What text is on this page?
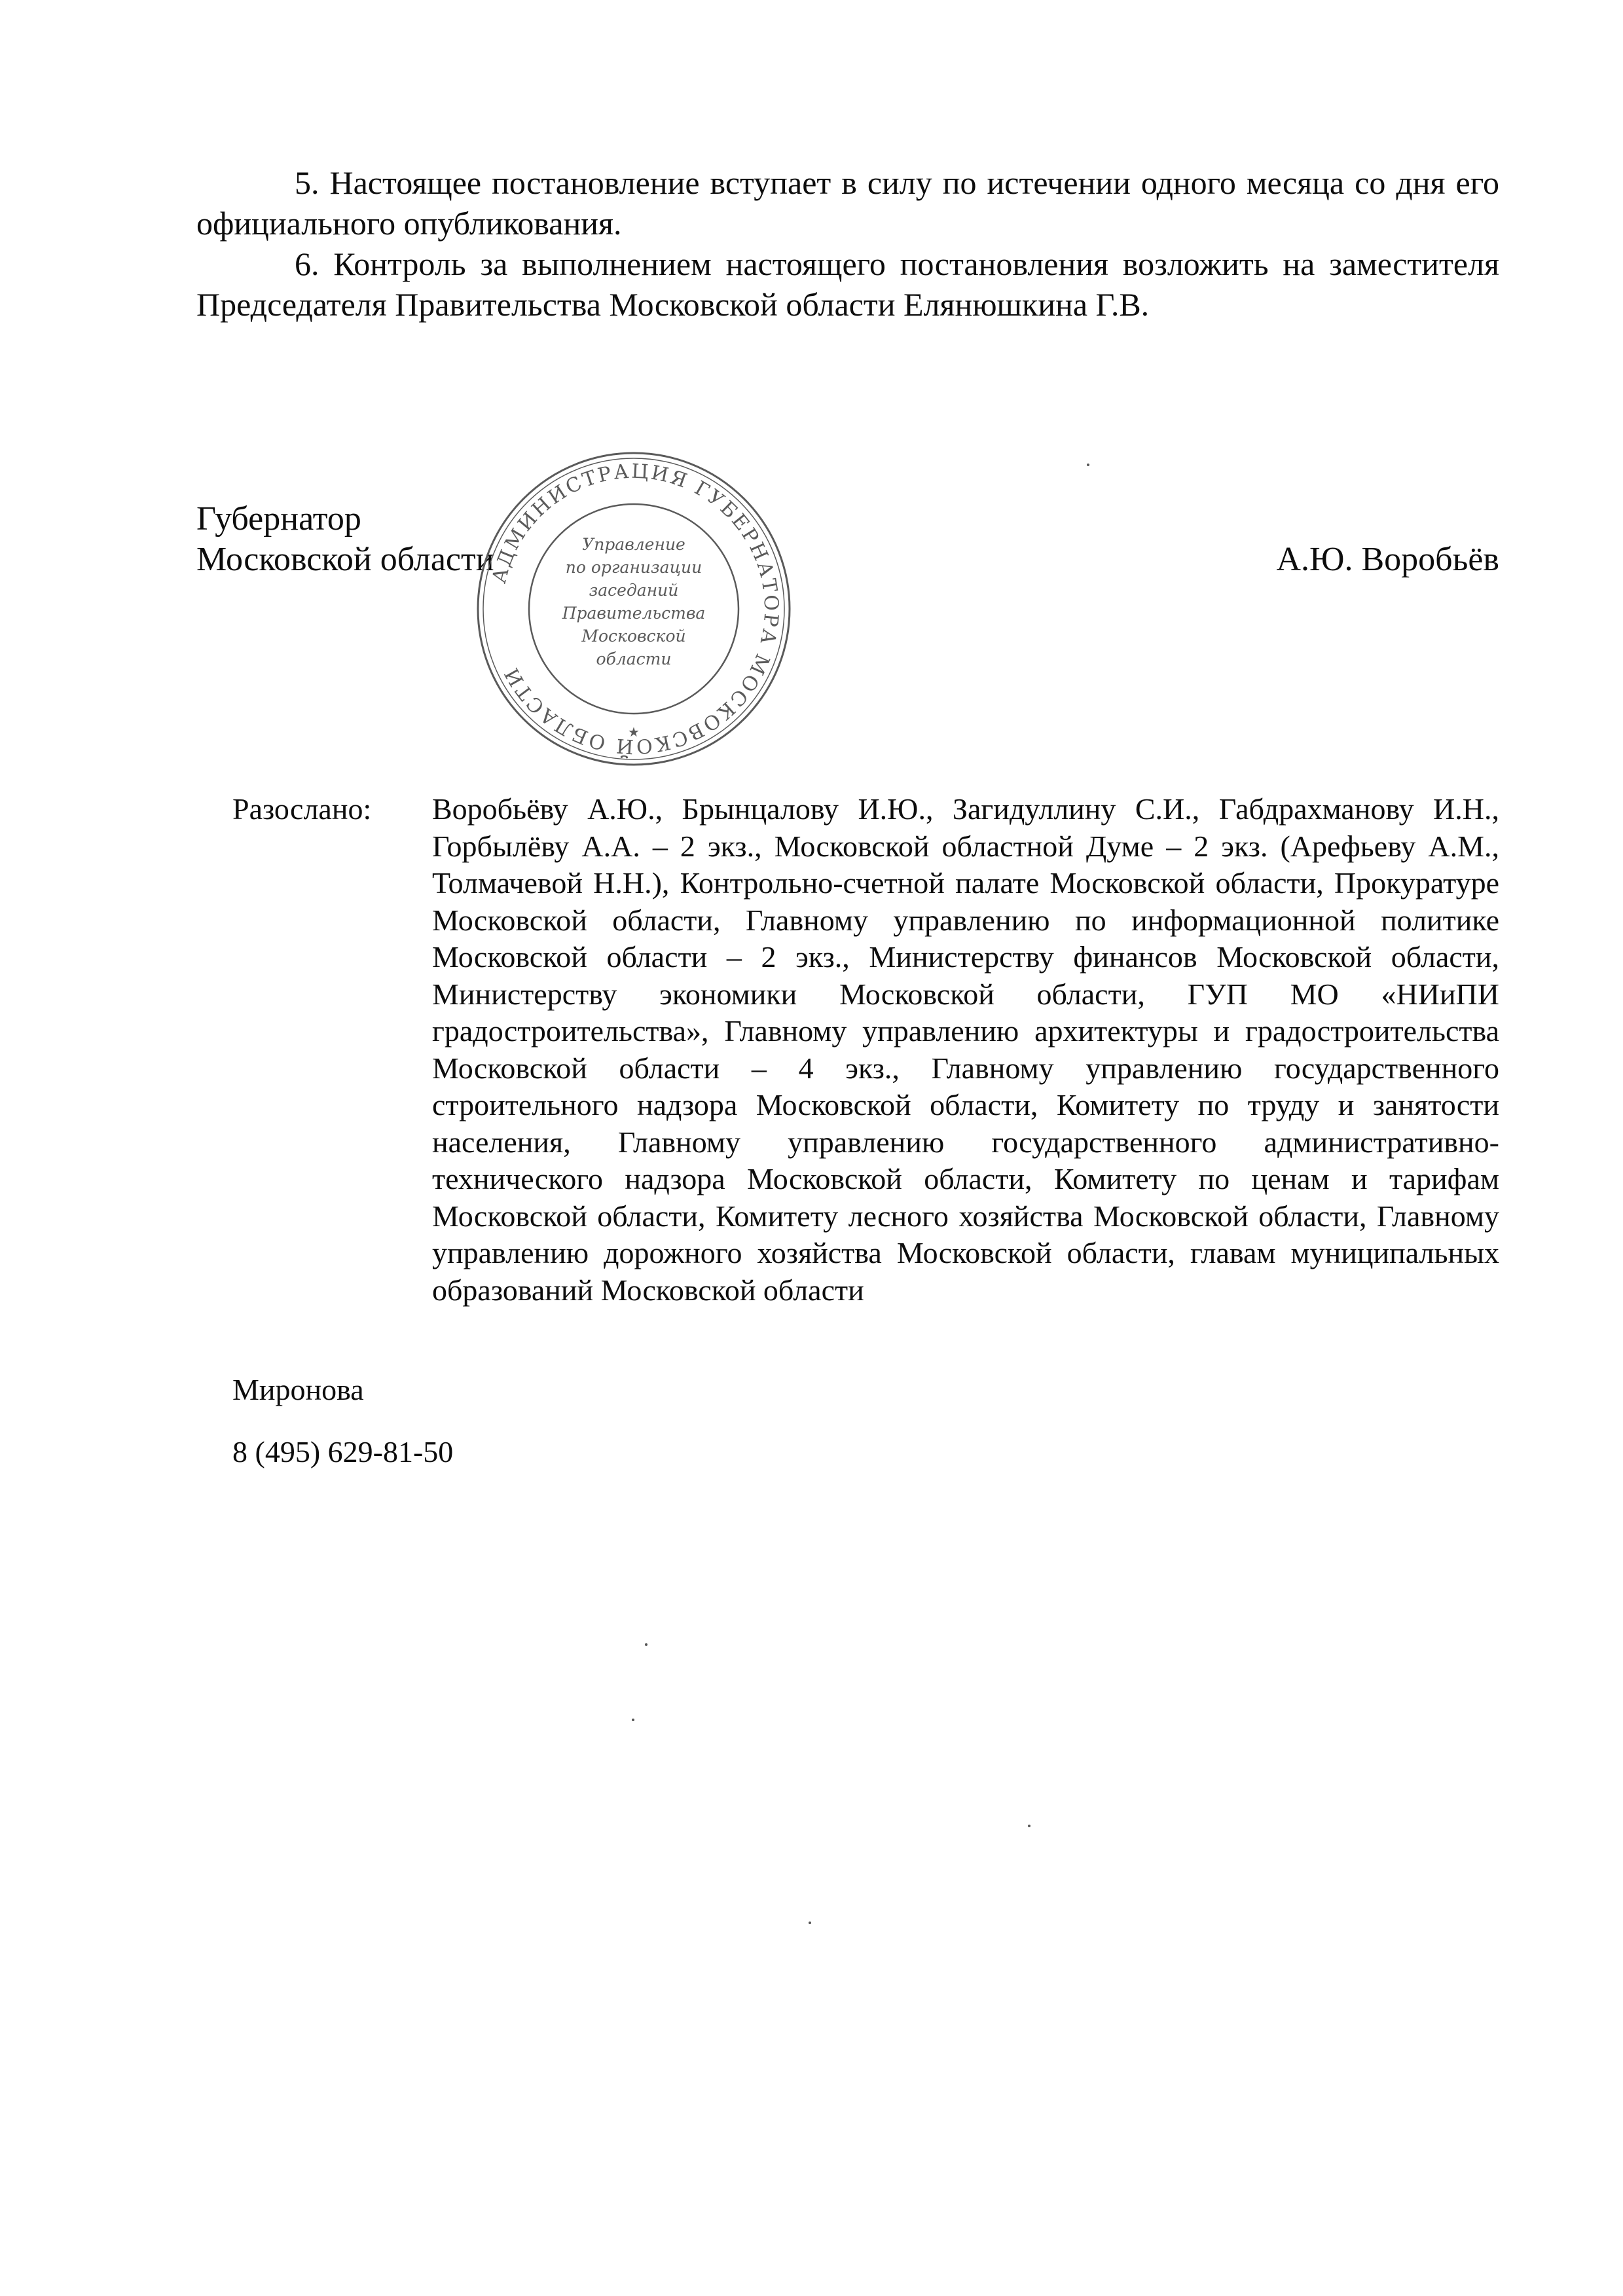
5. Настоящее постановление вступает в силу по истечении одного месяца со дня его официального опубликования.

6. Контроль за выполнением настоящего постановления возложить на заместителя Председателя Правительства Московской области Елянюшкина Г.В.

Губернатор
Московской области
АДМИНИСТРАЦИЯ ГУБЕРНАТОРА МОСКОВСКОЙ ОБЛАСТИ
Управление
по организации
заседаний
Правительства
Московской
области
★
А.Ю. Воробьёв
Разослано: Воробьёву А.Ю., Брынцалову И.Ю., Загидуллину С.И., Габдрахманову И.Н., Горбылёву А.А. – 2 экз., Московской областной Думе – 2 экз. (Арефьеву А.М., Толмачевой Н.Н.), Контрольно-счетной палате Московской области, Прокуратуре Московской области, Главному управлению по информационной политике Московской области – 2 экз., Министерству финансов Московской области, Министерству экономики Московской области, ГУП МО «НИиПИ градостроительства», Главному управлению архитектуры и градостроительства Московской области – 4 экз., Главному управлению государственного строительного надзора Московской области, Комитету по труду и занятости населения, Главному управлению государственного административно-технического надзора Московской области, Комитету по ценам и тарифам Московской области, Комитету лесного хозяйства Московской области, Главному управлению дорожного хозяйства Московской области, главам муниципальных образований Московской области

Миронова
8 (495) 629-81-50
